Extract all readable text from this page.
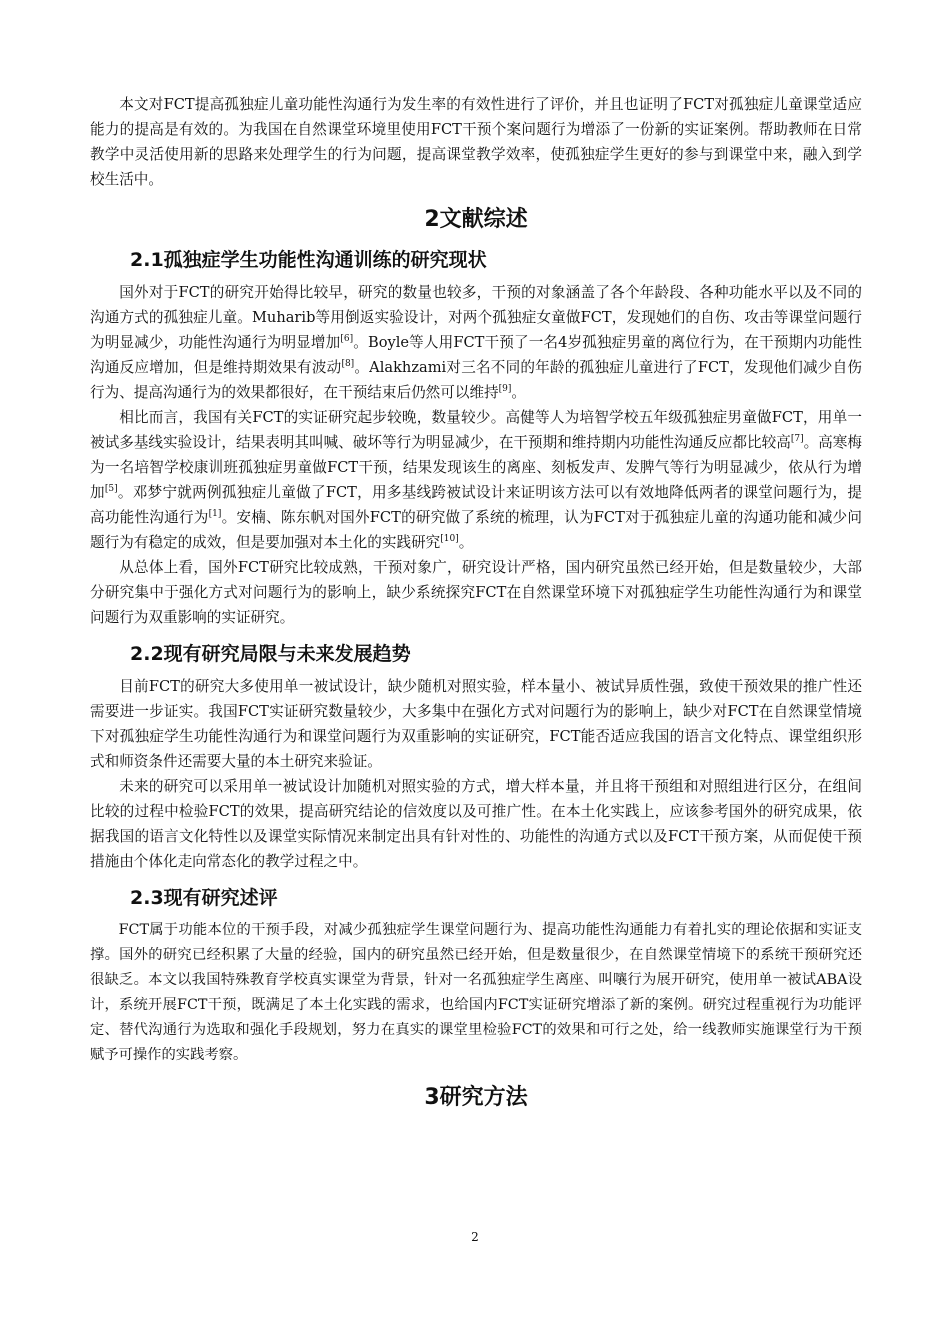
本文对FCT提高孤独症儿童功能性沟通行为发生率的有效性进行了评价，并且也证明了FCT对孤独症儿童课堂适应能力的提高是有效的。为我国在自然课堂环境里使用FCT干预个案问题行为增添了一份新的实证案例。帮助教师在日常教学中灵活使用新的思路来处理学生的行为问题，提高课堂教学效率，使孤独症学生更好的参与到课堂中来，融入到学校生活中。

2文献综述
2.1孤独症学生功能性沟通训练的研究现状

国外对于FCT的研究开始得比较早，研究的数量也较多，干预的对象涵盖了各个年龄段、各种功能水平以及不同的沟通方式的孤独症儿童。Muharib等用倒返实验设计，对两个孤独症女童做FCT，发现她们的自伤、攻击等课堂问题行为明显减少，功能性沟通行为明显增加[6]。Boyle等人用FCT干预了一名4岁孤独症男童的离位行为，在干预期内功能性沟通反应增加，但是维持期效果有波动[8]。Alakhzami对三名不同的年龄的孤独症儿童进行了FCT，发现他们减少自伤行为、提高沟通行为的效果都很好，在干预结束后仍然可以维持[9]。

相比而言，我国有关FCT的实证研究起步较晚，数量较少。高健等人为培智学校五年级孤独症男童做FCT，用单一被试多基线实验设计，结果表明其叫喊、破坏等行为明显减少，在干预期和维持期内功能性沟通反应都比较高[7]。高寒梅为一名培智学校康训班孤独症男童做FCT干预，结果发现该生的离座、刻板发声、发脾气等行为明显减少，依从行为增加[5]。邓梦宁就两例孤独症儿童做了FCT，用多基线跨被试设计来证明该方法可以有效地降低两者的课堂问题行为，提高功能性沟通行为[1]。安楠、陈东帆对国外FCT的研究做了系统的梳理，认为FCT对于孤独症儿童的沟通功能和减少问题行为有稳定的成效，但是要加强对本土化的实践研究[10]。

从总体上看，国外FCT研究比较成熟，干预对象广，研究设计严格，国内研究虽然已经开始，但是数量较少，大部分研究集中于强化方式对问题行为的影响上，缺少系统探究FCT在自然课堂环境下对孤独症学生功能性沟通行为和课堂问题行为双重影响的实证研究。

2.2现有研究局限与未来发展趋势

目前FCT的研究大多使用单一被试设计，缺少随机对照实验，样本量小、被试异质性强，致使干预效果的推广性还需要进一步证实。我国FCT实证研究数量较少，大多集中在强化方式对问题行为的影响上，缺少对FCT在自然课堂情境下对孤独症学生功能性沟通行为和课堂问题行为双重影响的实证研究，FCT能否适应我国的语言文化特点、课堂组织形式和师资条件还需要大量的本土研究来验证。

未来的研究可以采用单一被试设计加随机对照实验的方式，增大样本量，并且将干预组和对照组进行区分，在组间比较的过程中检验FCT的效果，提高研究结论的信效度以及可推广性。在本土化实践上，应该参考国外的研究成果，依据我国的语言文化特性以及课堂实际情况来制定出具有针对性的、功能性的沟通方式以及FCT干预方案，从而促使干预措施由个体化走向常态化的教学过程之中。

2.3现有研究述评

FCT属于功能本位的干预手段，对减少孤独症学生课堂问题行为、提高功能性沟通能力有着扎实的理论依据和实证支撑。国外的研究已经积累了大量的经验，国内的研究虽然已经开始，但是数量很少，在自然课堂情境下的系统干预研究还很缺乏。本文以我国特殊教育学校真实课堂为背景，针对一名孤独症学生离座、叫嚷行为展开研究，使用单一被试ABA设计，系统开展FCT干预，既满足了本土化实践的需求，也给国内FCT实证研究增添了新的案例。研究过程重视行为功能评定、替代沟通行为选取和强化手段规划，努力在真实的课堂里检验FCT的效果和可行之处，给一线教师实施课堂行为干预赋予可操作的实践考察。

3研究方法
2
